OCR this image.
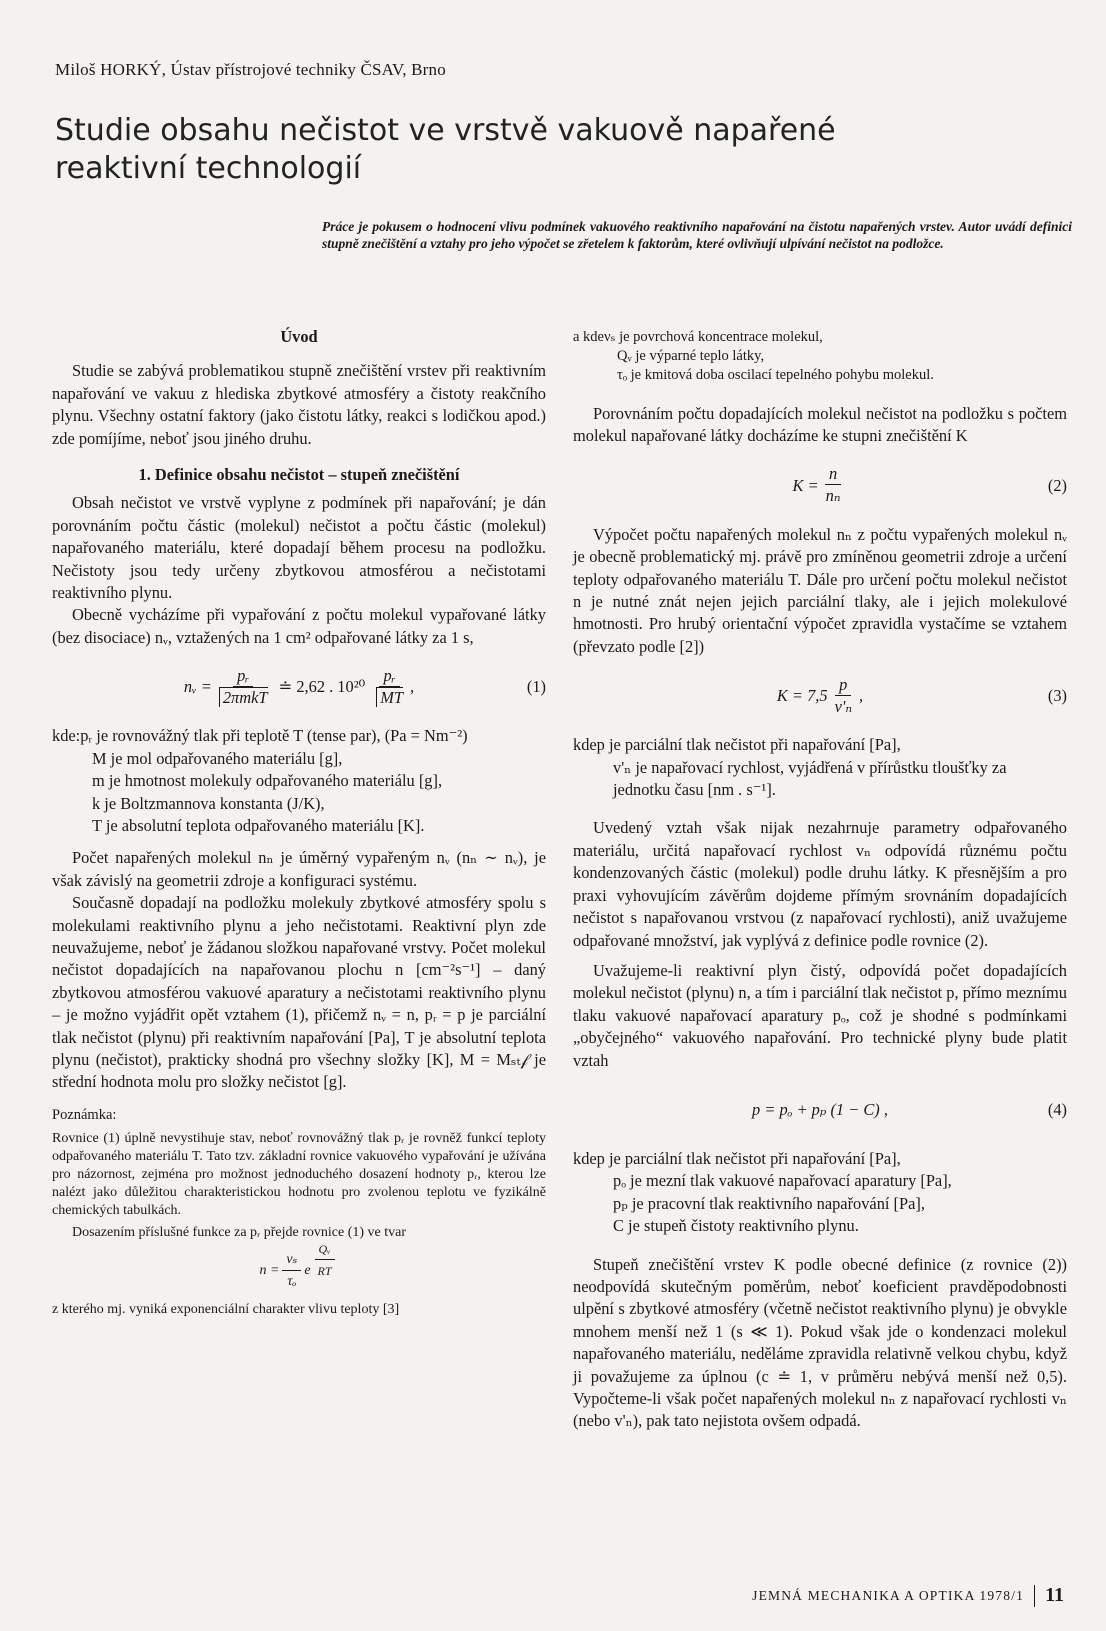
Miloš HORKÝ, Ústav přístrojové techniky ČSAV, Brno
Studie obsahu nečistot ve vrstvě vakuově napařené
reaktivní technologií
Práce je pokusem o hodnocení vlivu podmínek vakuového reaktivního napařování na čistotu napařených vrstev. Autor uvádí definici stupně znečištění a vztahy pro jeho výpočet se zřetelem k faktorům, které ovlivňují ulpívání nečistot na podložce.
Úvod

Studie se zabývá problematikou stupně znečištění vrstev při reaktivním napařování ve vakuu z hlediska zbytkové atmosféry a čistoty reakčního plynu. Všechny ostatní faktory (jako čistotu látky, reakci s lodičkou apod.) zde pomíjíme, neboť jsou jiného druhu.

1. Definice obsahu nečistot – stupeň znečištění

Obsah nečistot ve vrstvě vyplyne z podmínek při napařování; je dán porovnáním počtu částic (molekul) nečistot a počtu částic (molekul) napařovaného materiálu, které dopadají během procesu na podložku. Nečistoty jsou tedy určeny zbytkovou atmosférou a nečistotami reaktivního plynu.

Obecně vycházíme při vypařování z počtu molekul vypařované látky (bez disociace) nᵥ, vztažených na 1 cm² odpařované látky za 1 s,

nᵥ = $\frac{\text{pᵣ}}{\text{2πmkT}}$ ≐ 2,62 . $10^{20} \frac{\text{pᵣ}}{MT}$ ,	(1)
kde: pᵣ je rovnovážný tlak při teplotě T (tense par), (Pa = Nm⁻²)
M je mol odpařovaného materiálu [g],
m je hmotnost molekuly odpařovaného materiálu [g],
k je Boltzmannova konstanta (J/K),
T je absolutní teplota odpařovaného materiálu [K].

Počet napařených molekul nₙ je úměrný vypařeným nᵥ (nₙ ∼ nᵥ), je však závislý na geometrii zdroje a konfiguraci systému.

Současně dopadají na podložku molekuly zbytkové atmosféry spolu s molekulami reaktivního plynu a jeho nečistotami. Reaktivní plyn zde neuvažujeme, neboť je žádanou složkou napařované vrstvy. Počet molekul nečistot dopadajících na napařovanou plochu n [cm⁻²s⁻¹] – daný zbytkovou atmosférou vakuové aparatury a nečistotami reaktivního plynu – je možno vyjádřit opět vztahem (1), přičemž nᵥ = n, pᵣ = p je parciální tlak nečistot (plynu) při reaktivním napařování [Pa], T je absolutní teplota plynu (nečistot), prakticky shodná pro všechny složky [K], M = Mₛₜ𝒻 je střední hodnota molu pro složky nečistot [g].

Poznámka:

Rovnice (1) úplně nevystihuje stav, neboť rovnovážný tlak pᵣ je rovněž funkcí teploty odpařovaného materiálu T. Tato tzv. základní rovnice vakuového vypařování je užívána pro názornost, zejména pro možnost jednoduchého dosazení hodnoty pᵣ, kterou lze nalézt jako důležitou charakteristickou hodnotu pro zvolenou teplotu ve fyzikálně chemických tabulkách.

Dosazením příslušné funkce za pᵣ přejde rovnice (1) ve tvar

$n = \frac{\text{νₛ}}{\text{τₒ}}$ e $\frac{\text{Qᵥ}}{RT}$

z kterého mj. vyniká exponenciální charakter vlivu teploty [3]

a kde νₛ je povrchová koncentrace molekul,
Qᵥ je výparné teplo látky,
τₒ je kmitová doba oscilací tepelného pohybu molekul.

Porovnáním počtu dopadajících molekul nečistot na podložku s počtem molekul napařované látky docházíme ke stupni znečištění K

$K = \frac{n}{\text{nₙ}}$	(2)

Výpočet počtu napařených molekul nₙ z počtu vypařených molekul nᵥ je obecně problematický mj. právě pro zmíněnou geometrii zdroje a určení teploty odpařovaného materiálu T. Dále pro určení počtu molekul nečistot n je nutné znát nejen jejich parciální tlaky, ale i jejich molekulové hmotnosti. Pro hrubý orientační výpočet zpravidla vystačíme se vztahem (převzato podle [2])

$K = 7,5 \frac{p}{\text{v'ₙ}}$ ,	(3)
kde p je parciální tlak nečistot při napařování [Pa],
v'ₙ je napařovací rychlost, vyjádřená v přírůstku tloušťky za jednotku času [nm . s⁻¹].

Uvedený vztah však nijak nezahrnuje parametry odpařovaného materiálu, určitá napařovací rychlost vₙ odpovídá různému počtu kondenzovaných částic (molekul) podle druhu látky. K přesnějším a pro praxi vyhovujícím závěrům dojdeme přímým srovnáním dopadajících nečistot s napařovanou vrstvou (z napařovací rychlosti), aniž uvažujeme odpařované množství, jak vyplývá z definice podle rovnice (2).

Uvažujeme-li reaktivní plyn čistý, odpovídá počet dopadajících molekul nečistot (plynu) n, a tím i parciální tlak nečistot p, přímo meznímu tlaku vakuové napařovací aparatury pₒ, což je shodné s podmínkami „obyčejného“ vakuového napařování. Pro technické plyny bude platit vztah

p = pₒ + pₚ (1 − C) ,	(4)
kde p je parciální tlak nečistot při napařování [Pa],
pₒ je mezní tlak vakuové napařovací aparatury [Pa],
pₚ je pracovní tlak reaktivního napařování [Pa],
C je stupeň čistoty reaktivního plynu.

Stupeň znečištění vrstev K podle obecné definice (z rovnice (2)) neodpovídá skutečným poměrům, neboť koeficient pravděpodobnosti ulpění s zbytkové atmosféry (včetně nečistot reaktivního plynu) je obvykle mnohem menší než 1 (s ≪ 1). Pokud však jde o kondenzaci molekul napařovaného materiálu, neděláme zpravidla relativně velkou chybu, když ji považujeme za úplnou (c ≐ 1, v průměru nebývá menší než 0,5). Vypočteme-li však počet napařených molekul nₙ z napařovací rychlosti vₙ (nebo v'ₙ), pak tato nejistota ovšem odpadá.

JEMNÁ MECHANIKA A OPTIKA 1978/1 11
